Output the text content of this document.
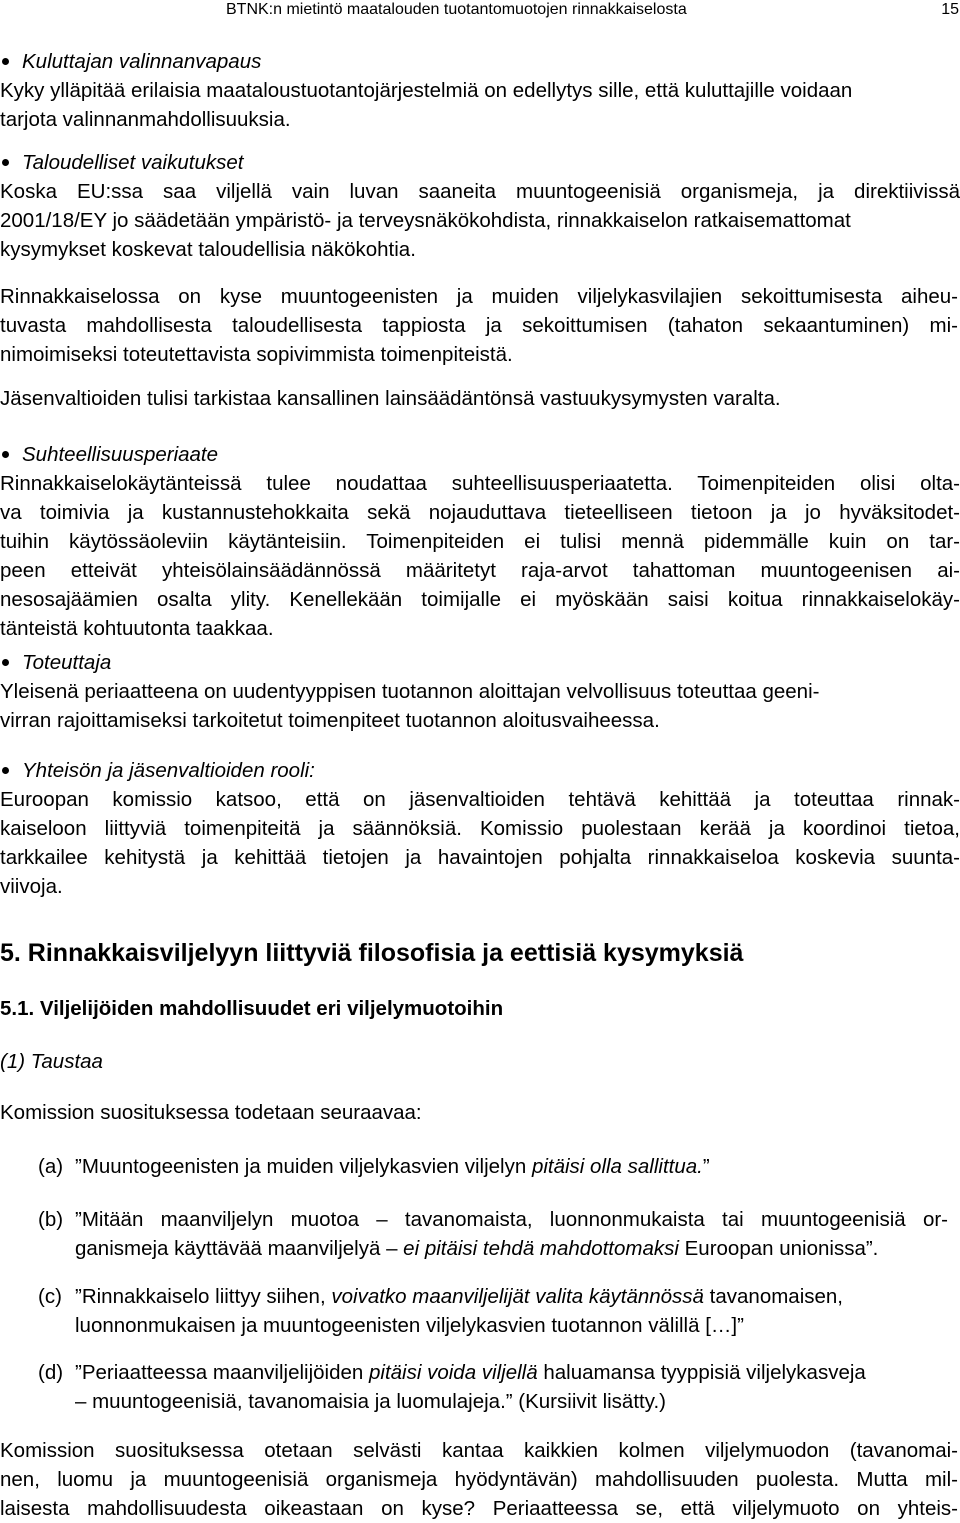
BTNK:n mietintö maatalouden tuotantomuotojen rinnakkaiselosta	15
Kuluttajan valinnanvapaus
Kyky ylläpitää erilaisia maataloustuotantojärjestelmiä on edellytys sille, että kuluttajille voidaan
tarjota valinnanmahdollisuuksia.
Taloudelliset vaikutukset
Koska EU:ssa saa viljellä vain luvan saaneita muuntogeenisiä organismeja, ja direktiivissä
2001/18/EY jo säädetään ympäristö- ja terveysnäkökohdista, rinnakkaiselon ratkaisemattomat
kysymykset koskevat taloudellisia näkökohtia.
Rinnakkaiselossa on kyse muuntogeenisten ja muiden viljelykasvilajien sekoittumisesta aiheu-
tuvasta mahdollisesta taloudellisesta tappiosta ja sekoittumisen (tahaton sekaantuminen) mi-
nimoimiseksi toteutettavista sopivimmista toimenpiteistä.
Jäsenvaltioiden tulisi tarkistaa kansallinen lainsäädäntönsä vastuukysymysten varalta.
Suhteellisuusperiaate
Rinnakkaiselokäytänteissä tulee noudattaa suhteellisuusperiaatetta. Toimenpiteiden olisi olta-
va toimivia ja kustannustehokkaita sekä nojauduttava tieteelliseen tietoon ja jo hyväksitodet-
tuihin käytössäoleviin käytänteisiin. Toimenpiteiden ei tulisi mennä pidemmälle kuin on tar-
peen etteivät yhteisölainsäädännössä määritetyt raja-arvot tahattoman muuntogeenisen ai-
nesosajäämien osalta ylity. Kenellekään toimijalle ei myöskään saisi koitua rinnakkaiselokäy-
tänteistä kohtuutonta taakkaa.
Toteuttaja
Yleisenä periaatteena on uudentyyppisen tuotannon aloittajan velvollisuus toteuttaa geeni-
virran rajoittamiseksi tarkoitetut toimenpiteet tuotannon aloitusvaiheessa.
Yhteisön ja jäsenvaltioiden rooli:
Euroopan komissio katsoo, että on jäsenvaltioiden tehtävä kehittää ja toteuttaa rinnak-
kaiseloon liittyviä toimenpiteitä ja säännöksiä. Komissio puolestaan kerää ja koordinoi tietoa,
tarkkailee kehitystä ja kehittää tietojen ja havaintojen pohjalta rinnakkaiseloa koskevia suunta-
viivoja.
5. Rinnakkaisviljelyyn liittyviä filosofisia ja eettisiä kysymyksiä
5.1. Viljelijöiden mahdollisuudet eri viljelymuotoihin
(1) Taustaa
Komission suosituksessa todetaan seuraavaa:
(a) ”Muuntogeenisten ja muiden viljelykasvien viljelyn pitäisi olla sallittua.”
(b) ”Mitään maanviljelyn muotoa – tavanomaista, luonnonmukaista tai muuntogeenisiä or-
ganismeja käyttävää maanviljelyä – ei pitäisi tehdä mahdottomaksi Euroopan unionissa”.
(c) ”Rinnakkaiselo liittyy siihen, voivatko maanviljelijät valita käytännössä tavanomaisen,
luonnonmukaisen ja muuntogeenisten viljelykasvien tuotannon välillä […]”
(d) ”Periaatteessa maanviljelijöiden pitäisi voida viljellä haluamansa tyyppisiä viljelykasveja
– muuntogeenisiä, tavanomaisia ja luomulajeja.” (Kursiivit lisätty.)
Komission suosituksessa otetaan selvästi kantaa kaikkien kolmen viljelymuodon (tavanomai-
nen, luomu ja muuntogeenisiä organismeja hyödyntävän) mahdollisuuden puolesta. Mutta mil-
laisesta mahdollisuudesta oikeastaan on kyse? Periaatteessa se, että viljelymuoto on yhteis-
